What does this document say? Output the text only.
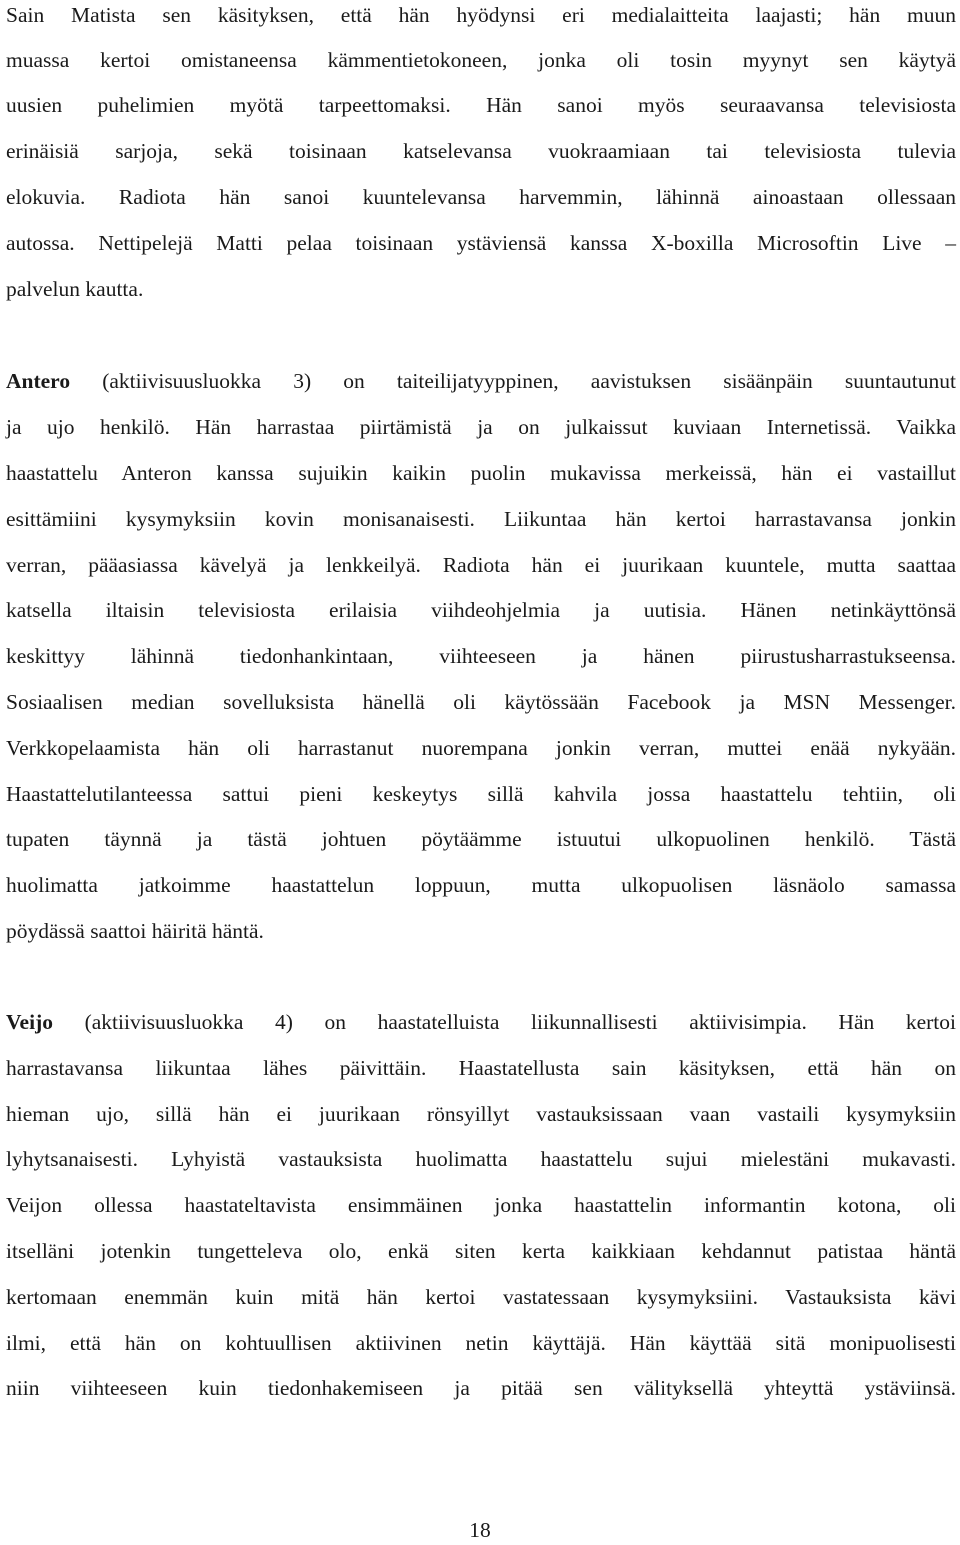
Sain Matista sen käsityksen, että hän hyödynsi eri medialaitteita laajasti; hän muun
muassa kertoi omistaneensa kämmentietokoneen, jonka oli tosin myynyt sen käytyä
uusien puhelimien myötä tarpeettomaksi. Hän sanoi myös seuraavansa televisiosta
erinäisiä sarjoja, sekä toisinaan katselevansa vuokraamiaan tai televisiosta tulevia
elokuvia. Radiota hän sanoi kuuntelevansa harvemmin, lähinnä ainoastaan ollessaan
autossa. Nettipelejä Matti pelaa toisinaan ystäviensä kanssa X-boxilla Microsoftin Live –
palvelun kautta.
Antero (aktiivisuusluokka 3) on taiteilijatyyppinen, aavistuksen sisäänpäin suuntautunut
ja ujo henkilö. Hän harrastaa piirtämistä ja on julkaissut kuviaan Internetissä. Vaikka
haastattelu Anteron kanssa sujuikin kaikin puolin mukavissa merkeissä, hän ei vastaillut
esittämiini kysymyksiin kovin monisanaisesti. Liikuntaa hän kertoi harrastavansa jonkin
verran, pääasiassa kävelyä ja lenkkeilyä. Radiota hän ei juurikaan kuuntele, mutta saattaa
katsella iltaisin televisiosta erilaisia viihdeohjelmia ja uutisia. Hänen netinkäyttönsä
keskittyy lähinnä tiedonhankintaan, viihteeseen ja hänen piirustusharrastukseensa.
Sosiaalisen median sovelluksista hänellä oli käytössään Facebook ja MSN Messenger.
Verkkopelaamista hän oli harrastanut nuorempana jonkin verran, muttei enää nykyään.
Haastattelutilanteessa sattui pieni keskeytys sillä kahvila jossa haastattelu tehtiin, oli
tupaten täynnä ja tästä johtuen pöytäämme istuutui ulkopuolinen henkilö. Tästä
huolimatta jatkoimme haastattelun loppuun, mutta ulkopuolisen läsnäolo samassa
pöydässä saattoi häiritä häntä.
Veijo (aktiivisuusluokka 4) on haastatelluista liikunnallisesti aktiivisimpia. Hän kertoi
harrastavansa liikuntaa lähes päivittäin. Haastatellusta sain käsityksen, että hän on
hieman ujo, sillä hän ei juurikaan rönsyillyt vastauksissaan vaan vastaili kysymyksiin
lyhytsanaisesti. Lyhyistä vastauksista huolimatta haastattelu sujui mielestäni mukavasti.
Veijon ollessa haastateltavista ensimmäinen jonka haastattelin informantin kotona, oli
itselläni jotenkin tungetteleva olo, enkä siten kerta kaikkiaan kehdannut patistaa häntä
kertomaan enemmän kuin mitä hän kertoi vastatessaan kysymyksiini. Vastauksista kävi
ilmi, että hän on kohtuullisen aktiivinen netin käyttäjä. Hän käyttää sitä monipuolisesti
niin viihteeseen kuin tiedonhakemiseen ja pitää sen välityksellä yhteyttä ystäviinsä.
18
